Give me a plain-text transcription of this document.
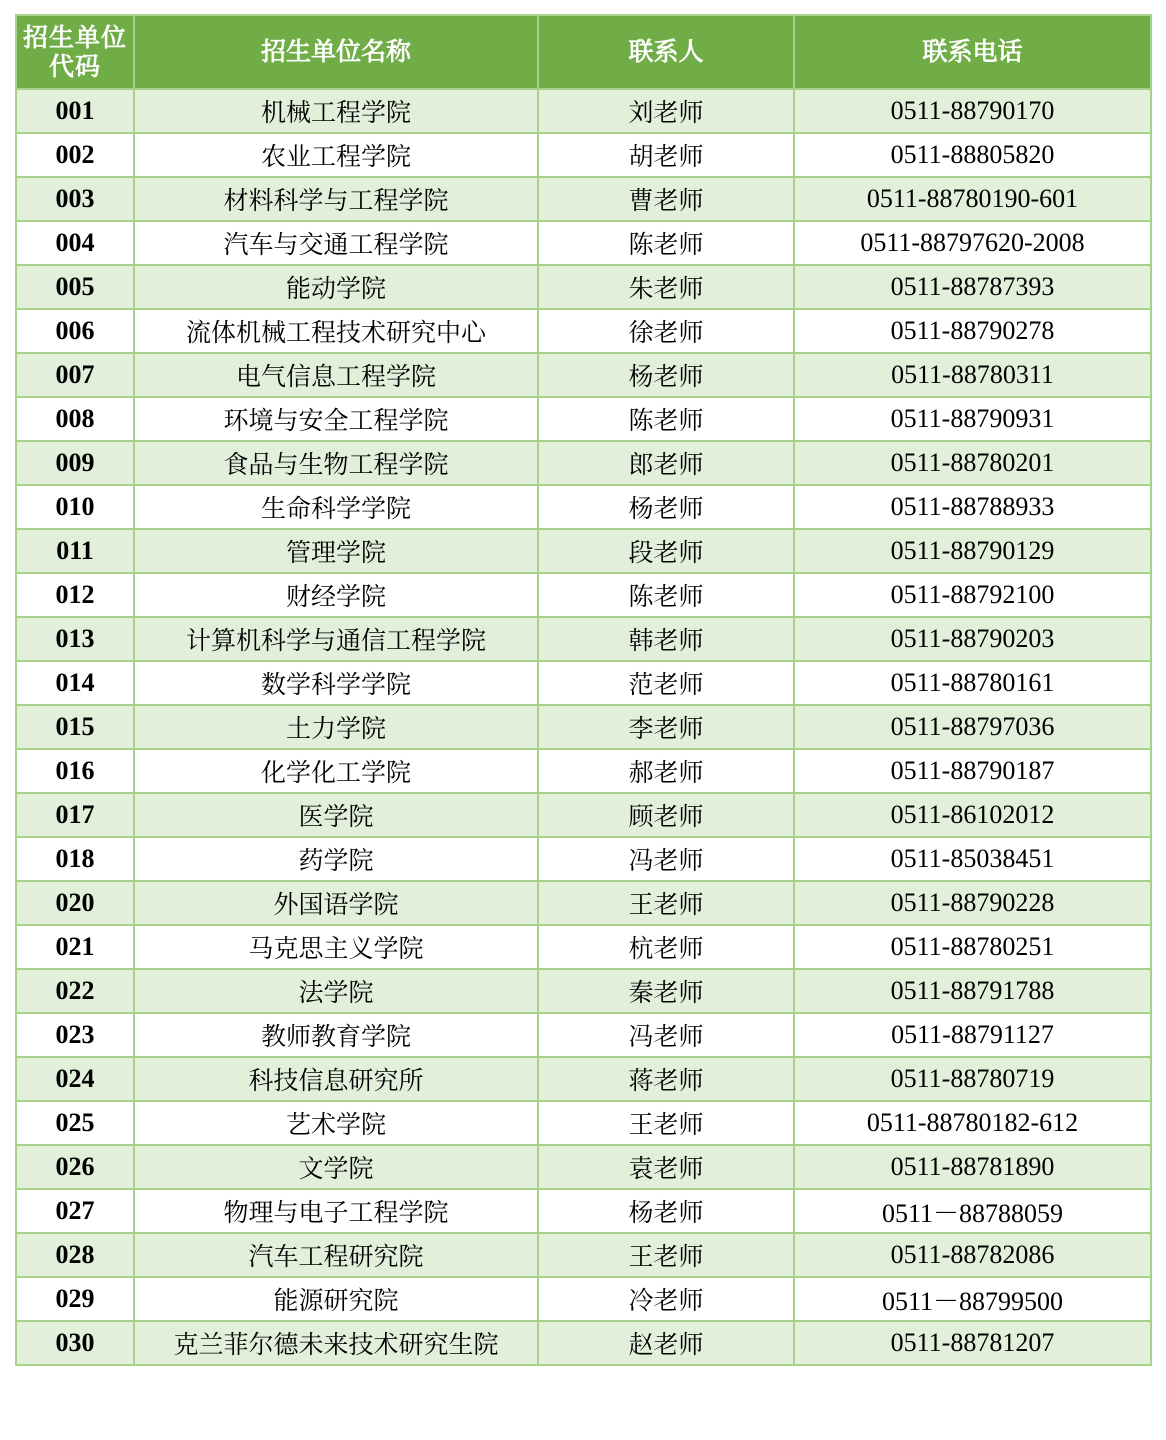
招生单位代码	招生单位名称	联系人	联系电话
001	机械工程学院	刘老师	0511-88790170
002	农业工程学院	胡老师	0511-88805820
003	材料科学与工程学院	曹老师	0511-88780190-601
004	汽车与交通工程学院	陈老师	0511-88797620-2008
005	能动学院	朱老师	0511-88787393
006	流体机械工程技术研究中心	徐老师	0511-88790278
007	电气信息工程学院	杨老师	0511-88780311
008	环境与安全工程学院	陈老师	0511-88790931
009	食品与生物工程学院	郎老师	0511-88780201
010	生命科学学院	杨老师	0511-88788933
011	管理学院	段老师	0511-88790129
012	财经学院	陈老师	0511-88792100
013	计算机科学与通信工程学院	韩老师	0511-88790203
014	数学科学学院	范老师	0511-88780161
015	土力学院	李老师	0511-88797036
016	化学化工学院	郝老师	0511-88790187
017	医学院	顾老师	0511-86102012
018	药学院	冯老师	0511-85038451
020	外国语学院	王老师	0511-88790228
021	马克思主义学院	杭老师	0511-88780251
022	法学院	秦老师	0511-88791788
023	教师教育学院	冯老师	0511-88791127
024	科技信息研究所	蒋老师	0511-88780719
025	艺术学院	王老师	0511-88780182-612
026	文学院	袁老师	0511-88781890
027	物理与电子工程学院	杨老师	0511－88788059
028	汽车工程研究院	王老师	0511-88782086
029	能源研究院	冷老师	0511－88799500
030	克兰菲尔德未来技术研究生院	赵老师	0511-88781207
